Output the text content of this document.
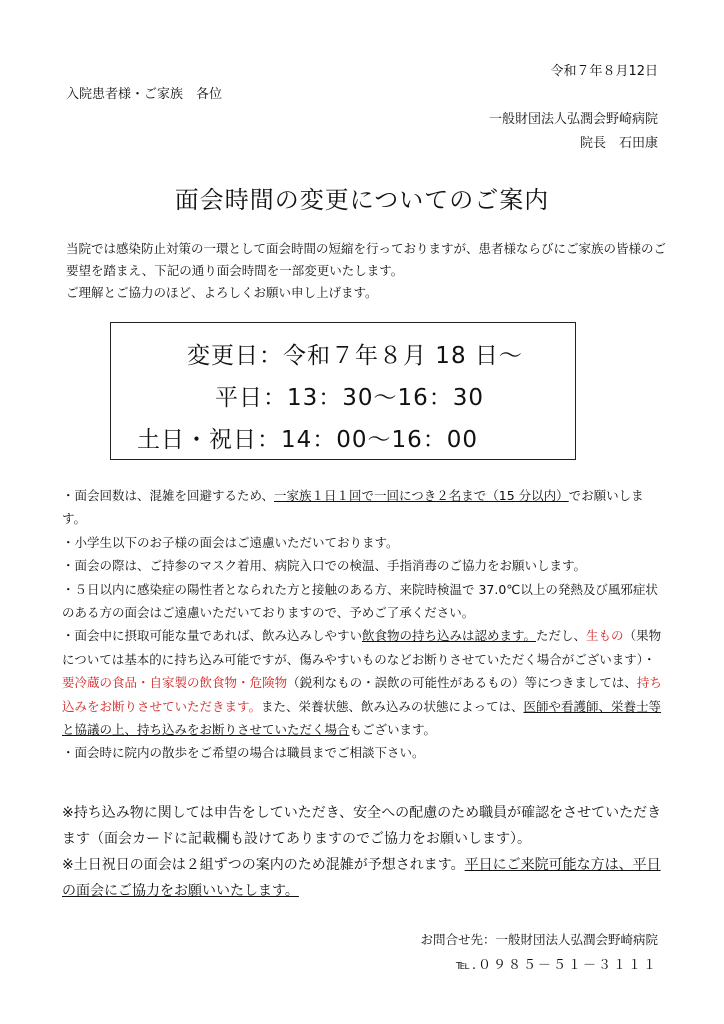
令和７年８月12日
入院患者様・ご家族　各位
一般財団法人弘潤会野崎病院
院長　石田康
面会時間の変更についてのご案内

当院では感染防止対策の一環として面会時間の短縮を行っておりますが、患者様ならびにご家族の皆様のご要望を踏まえ、下記の通り面会時間を一部変更いたします。

ご理解とご協力のほど、よろしくお願い申し上げます。

変更日：令和７年８月 18 日～
平日：13：30～16：30
土日・祝日：14：00～16：00

・面会回数は、混雑を回避するため、一家族１日１回で一回につき２名まで（15 分以内）でお願いします。

・小学生以下のお子様の面会はご遠慮いただいております。

・面会の際は、ご持参のマスク着用、病院入口での検温、手指消毒のご協力をお願いします。

・５日以内に感染症の陽性者となられた方と接触のある方、来院時検温で 37.0℃以上の発熱及び風邪症状のある方の面会はご遠慮いただいておりますので、予めご了承ください。

・面会中に摂取可能な量であれば、飲み込みしやすい飲食物の持ち込みは認めます。ただし、生もの（果物については基本的に持ち込み可能ですが、傷みやすいものなどお断りさせていただく場合がございます）・要冷蔵の食品・自家製の飲食物・危険物（鋭利なもの・誤飲の可能性があるもの）等につきましては、持ち込みをお断りさせていただきます。また、栄養状態、飲み込みの状態によっては、医師や看護師、栄養士等と協議の上、持ち込みをお断りさせていただく場合もございます。

・面会時に院内の散歩をご希望の場合は職員までご相談下さい。

※持ち込み物に関しては申告をしていただき、安全への配慮のため職員が確認をさせていただきます（面会カードに記載欄も設けてありますのでご協力をお願いします）。

※土日祝日の面会は２組ずつの案内のため混雑が予想されます。平日にご来院可能な方は、平日の面会にご協力をお願いいたします。

お問合せ先：一般財団法人弘潤会野崎病院
℡.０９８５－５１－３１１１
